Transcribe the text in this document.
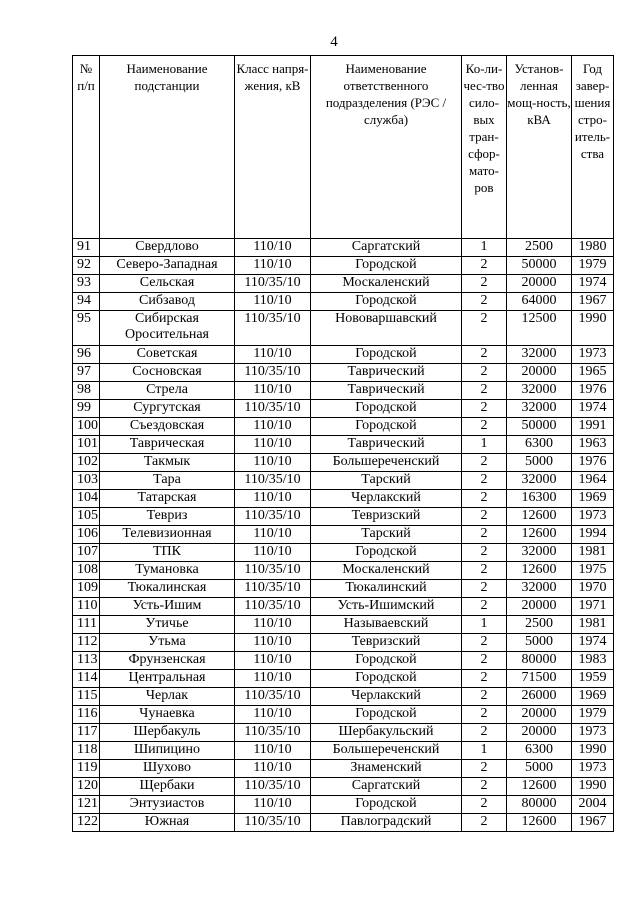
4
№ п/п	Наименование подстанции	Класс напря-жения, кВ	Наименование ответственного подразделения (РЭС / служба)	Ко-ли-чес-тво сило-вых тран-сфор-мато-ров	Установ-ленная мощ-ность, кВА	Год завер-шения стро-итель-ства
91	Свердлово	110/10	Саргатский	1	2500	1980
92	Северо-Западная	110/10	Городской	2	50000	1979
93	Сельская	110/35/10	Москаленский	2	20000	1974
94	Сибзавод	110/10	Городской	2	64000	1967
95	Сибирская Оросительная	110/35/10	Нововаршавский	2	12500	1990
96	Советская	110/10	Городской	2	32000	1973
97	Сосновская	110/35/10	Таврический	2	20000	1965
98	Стрела	110/10	Таврический	2	32000	1976
99	Сургутская	110/35/10	Городской	2	32000	1974
100	Съездовская	110/10	Городской	2	50000	1991
101	Таврическая	110/10	Таврический	1	6300	1963
102	Такмык	110/10	Большереченский	2	5000	1976
103	Тара	110/35/10	Тарский	2	32000	1964
104	Татарская	110/10	Черлакский	2	16300	1969
105	Тевриз	110/35/10	Тевризский	2	12600	1973
106	Телевизионная	110/10	Тарский	2	12600	1994
107	ТПК	110/10	Городской	2	32000	1981
108	Тумановка	110/35/10	Москаленский	2	12600	1975
109	Тюкалинская	110/35/10	Тюкалинский	2	32000	1970
110	Усть-Ишим	110/35/10	Усть-Ишимский	2	20000	1971
111	Утичье	110/10	Называевский	1	2500	1981
112	Утьма	110/10	Тевризский	2	5000	1974
113	Фрунзенская	110/10	Городской	2	80000	1983
114	Центральная	110/10	Городской	2	71500	1959
115	Черлак	110/35/10	Черлакский	2	26000	1969
116	Чунаевка	110/10	Городской	2	20000	1979
117	Шербакуль	110/35/10	Шербакульский	2	20000	1973
118	Шипицино	110/10	Большереченский	1	6300	1990
119	Шухово	110/10	Знаменский	2	5000	1973
120	Щербаки	110/35/10	Саргатский	2	12600	1990
121	Энтузиастов	110/10	Городской	2	80000	2004
122	Южная	110/35/10	Павлоградский	2	12600	1967
